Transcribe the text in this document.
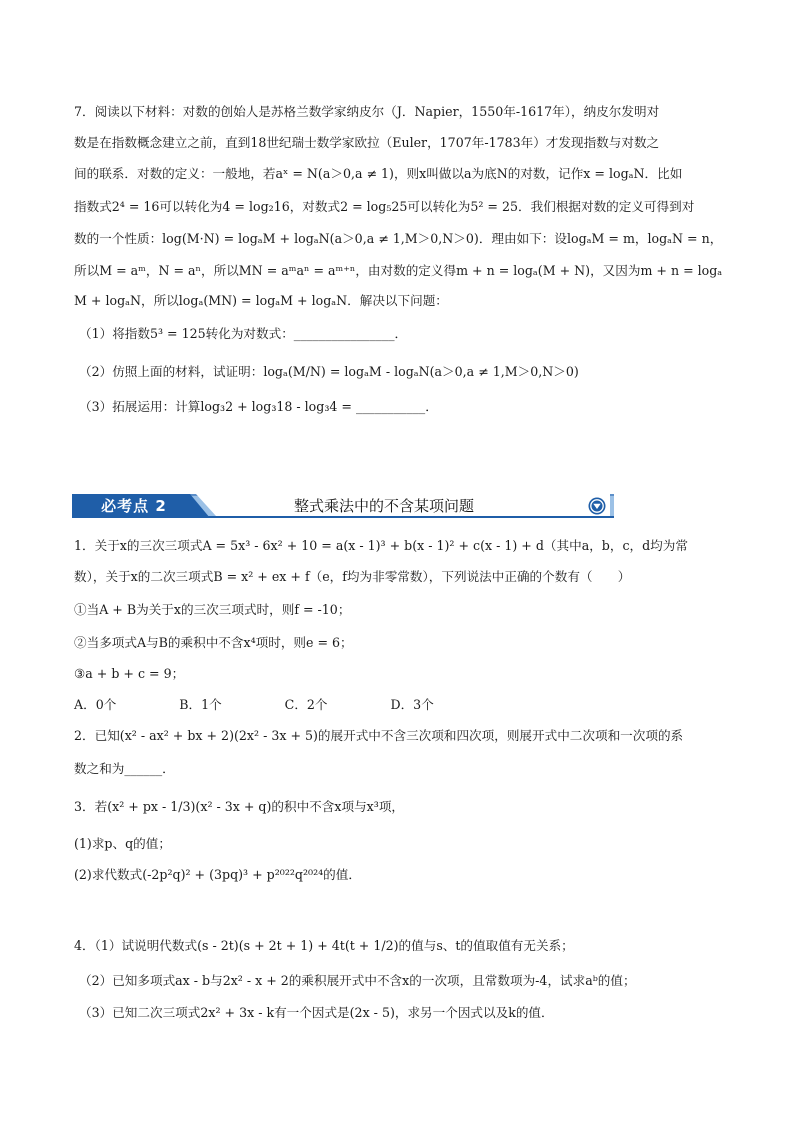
7．阅读以下材料：对数的创始人是苏格兰数学家纳皮尔（J．Napier，1550年-1617年），纳皮尔发明对
数是在指数概念建立之前，直到18世纪瑞士数学家欧拉（Euler，1707年-1783年）才发现指数与对数之
间的联系．对数的定义：一般地，若aˣ = N(a＞0,a ≠ 1)，则x叫做以a为底N的对数，记作x = logₐN．比如
指数式2⁴ = 16可以转化为4 = log₂16，对数式2 = log₅25可以转化为5² = 25．我们根据对数的定义可得到对
数的一个性质：log(M·N) = logₐM + logₐN(a＞0,a ≠ 1,M＞0,N＞0)．理由如下：设logₐM = m，logₐN = n，
所以M = aᵐ，N = aⁿ，所以MN = aᵐaⁿ = aᵐ⁺ⁿ，由对数的定义得m + n = logₐ(M + N)，又因为m + n = logₐ
M + logₐN，所以logₐ(MN) = logₐM + logₐN．解决以下问题：
（1）将指数5³ = 125转化为对数式：________________．
（2）仿照上面的材料，试证明：logₐ(M/N) = logₐM - logₐN(a＞0,a ≠ 1,M＞0,N＞0)
（3）拓展运用：计算log₃2 + log₃18 - log₃4 = ___________．
必考点 2	整式乘法中的不含某项问题
1．关于x的三次三项式A = 5x³ - 6x² + 10 = a(x - 1)³ + b(x - 1)² + c(x - 1) + d（其中a，b，c，d均为常
数），关于x的二次三项式B = x² + ex + f（e，f均为非零常数），下列说法中正确的个数有（　　）
①当A + B为关于x的三次三项式时，则f = -10；
②当多项式A与B的乘积中不含x⁴项时，则e = 6；
③a + b + c = 9；
A．0个　　　　　B．1个　　　　　C．2个　　　　　D．3个
2．已知(x² - ax² + bx + 2)(2x² - 3x + 5)的展开式中不含三次项和四次项，则展开式中二次项和一次项的系
数之和为______．
3．若(x² + px - 1/3)(x² - 3x + q)的积中不含x项与x³项，
(1)求p、q的值；
(2)求代数式(-2p²q)² + (3pq)³ + p²⁰²²q²⁰²⁴的值．
4．（1）试说明代数式(s - 2t)(s + 2t + 1) + 4t(t + 1/2)的值与s、t的值取值有无关系；
（2）已知多项式ax - b与2x² - x + 2的乘积展开式中不含x的一次项，且常数项为-4，试求aᵇ的值；
（3）已知二次三项式2x² + 3x - k有一个因式是(2x - 5)，求另一个因式以及k的值．
